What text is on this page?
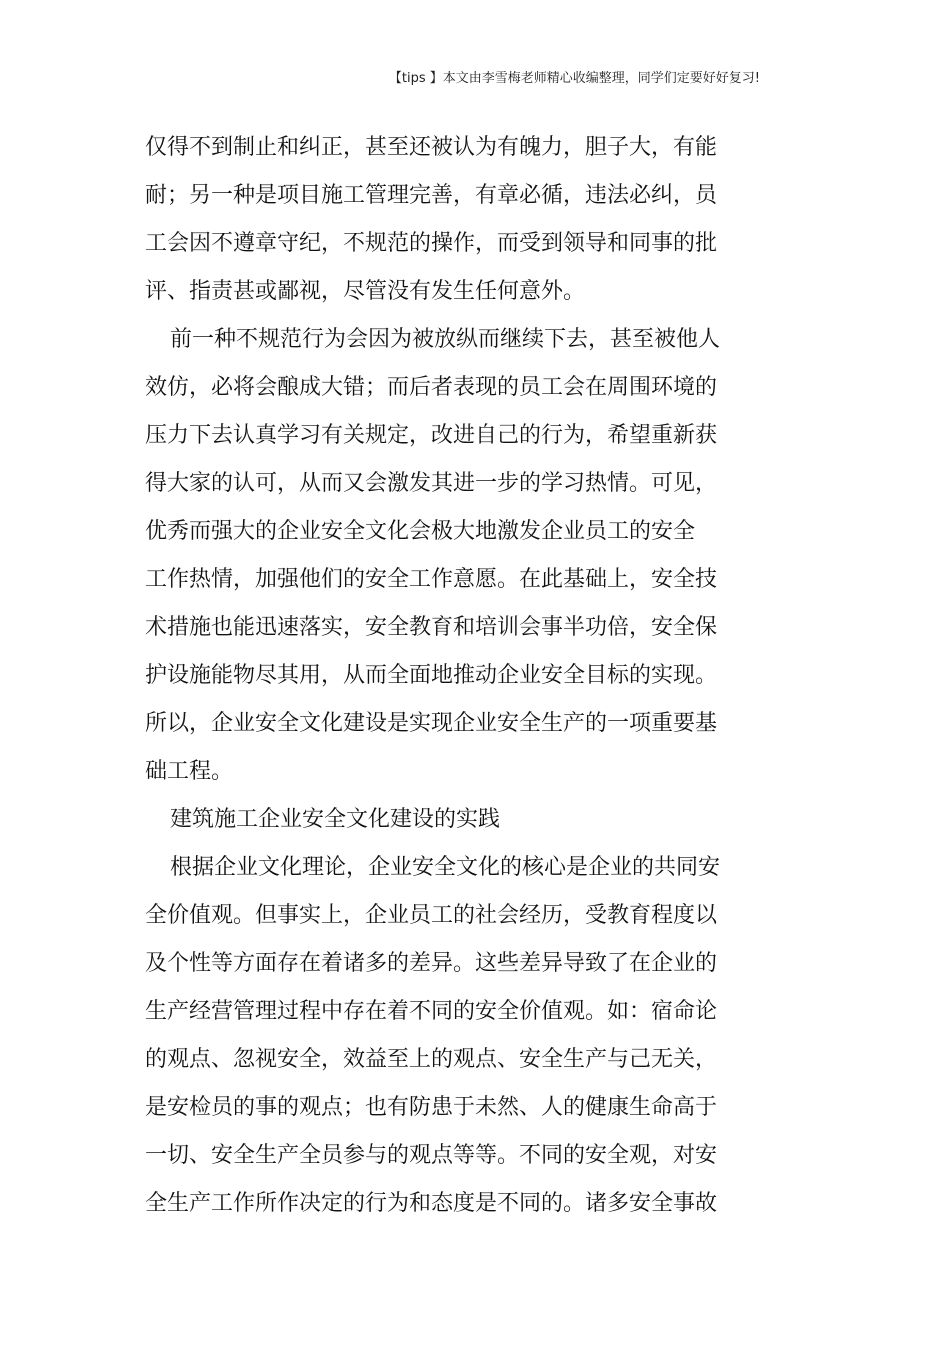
【tips 】本文由李雪梅老师精心收编整理，同学们定要好好复习!
仅得不到制止和纠正，甚至还被认为有魄力，胆子大，有能
耐；另一种是项目施工管理完善，有章必循，违法必纠，员
工会因不遵章守纪，不规范的操作，而受到领导和同事的批
评、指责甚或鄙视，尽管没有发生任何意外。
前一种不规范行为会因为被放纵而继续下去，甚至被他人
效仿，必将会酿成大错；而后者表现的员工会在周围环境的
压力下去认真学习有关规定，改进自己的行为，希望重新获
得大家的认可，从而又会激发其进一步的学习热情。可见，
优秀而强大的企业安全文化会极大地激发企业员工的安全
工作热情，加强他们的安全工作意愿。在此基础上，安全技
术措施也能迅速落实，安全教育和培训会事半功倍，安全保
护设施能物尽其用，从而全面地推动企业安全目标的实现。
所以，企业安全文化建设是实现企业安全生产的一项重要基
础工程。
建筑施工企业安全文化建设的实践
根据企业文化理论，企业安全文化的核心是企业的共同安
全价值观。但事实上，企业员工的社会经历，受教育程度以
及个性等方面存在着诸多的差异。这些差异导致了在企业的
生产经营管理过程中存在着不同的安全价值观。如：宿命论
的观点、忽视安全，效益至上的观点、安全生产与己无关，
是安检员的事的观点；也有防患于未然、人的健康生命高于
一切、安全生产全员参与的观点等等。不同的安全观，对安
全生产工作所作决定的行为和态度是不同的。诸多安全事故
